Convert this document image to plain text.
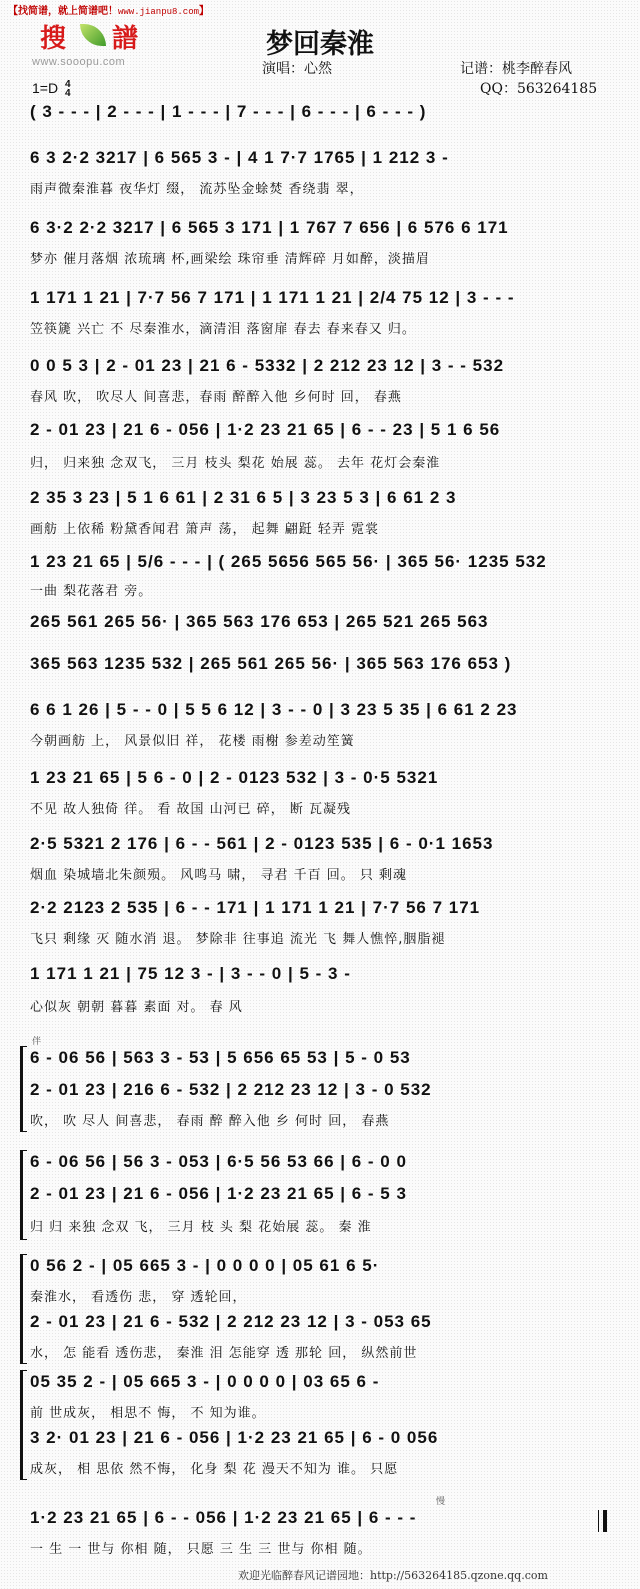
【找简谱，就上简谱吧！www.jianpu8.com】
搜 譜
www.sooopu.com
梦回秦淮
演唱：心然	记谱：桃李醉春风
QQ：563264185
1=D 4
4
( 3 - - - | 2 - - - | 1 - - - | 7 - - - | 6 - - - | 6 - - - )
6 3 2·2 3217 | 6 565 3 - | 4 1 7·7 1765 | 1 212 3 -
雨声微秦淮暮 夜华灯 缀， 流苏坠金蜍焚 香绕翡 翠，
6 3·2 2·2 3217 | 6 565 3 171 | 1 767 7 656 | 6 576 6 171
梦亦 催月落烟 浓琉璃 杯,画梁绘 珠帘垂 清辉碎 月如醉，淡描眉
1 171 1 21 | 7·7 56 7 171 | 1 171 1 21 | 2/4 75 12 | 3 - - -
笠筷篪 兴亡 不 尽秦淮水，滴清泪 落窗扉 春去 春来春又 归。
0 0 5 3 | 2 - 01 23 | 21 6 - 5332 | 2 212 23 12 | 3 - - 532
春风 吹， 吹尽人 间喜悲，春雨 醉醉入他 乡何时 回， 春燕
2 - 01 23 | 21 6 - 056 | 1·2 23 21 65 | 6 - - 23 | 5 1 6 56
归， 归来独 念双飞， 三月 枝头 梨花 始展 蕊。 去年 花灯会秦淮
2 35 3 23 | 5 1 6 61 | 2 31 6 5 | 3 23 5 3 | 6 61 2 3
画舫 上依稀 粉黛香闻君 箫声 荡， 起舞 翩跹 轻弄 霓裳
1 23 21 65 | 5/6 - - - | ( 265 5656 565 56· | 365 56· 1235 532
一曲 梨花落君 旁。
265 561 265 56· | 365 563 176 653 | 265 521 265 563
365 563 1235 532 | 265 561 265 56· | 365 563 176 653 )
6 6 1 26 | 5 - - 0 | 5 5 6 12 | 3 - - 0 | 3 23 5 35 | 6 61 2 23
今朝画舫 上， 风景似旧 祥， 花楼 雨榭 参差动笙簧
1 23 21 65 | 5 6 - 0 | 2 - 0123 532 | 3 - 0·5 5321
不见 故人独倚 徉。 看 故国 山河已 碎， 断 瓦凝残
2·5 5321 2 176 | 6 - - 561 | 2 - 0123 535 | 6 - 0·1 1653
烟血 染城墙北朱颜殒。 风鸣马 啸， 寻君 千百 回。 只 剩魂
2·2 2123 2 535 | 6 - - 171 | 1 171 1 21 | 7·7 56 7 171
飞只 剩缘 灭 随水消 退。 梦除非 往事追 流光 飞 舞人憔悴,胭脂褪
1 171 1 21 | 75 12 3 - | 3 - - 0 | 5 - 3 -
心似灰 朝朝 暮暮 素面 对。 春 风
6 - 06 56 | 563 3 - 53 | 5 656 65 53 | 5 - 0 53
2 - 01 23 | 216 6 - 532 | 2 212 23 12 | 3 - 0 532
吹， 吹 尽人 间喜悲， 春雨 醉 醉入他 乡 何时 回， 春燕
6 - 06 56 | 56 3 - 053 | 6·5 56 53 66 | 6 - 0 0
2 - 01 23 | 21 6 - 056 | 1·2 23 21 65 | 6 - 5 3
归 归 来独 念双 飞， 三月 枝 头 梨 花始展 蕊。 秦 淮
0 56 2 - | 05 665 3 - | 0 0 0 0 | 05 61 6 5·
秦淮水， 看透伤 悲， 穿 透轮回，
2 - 01 23 | 21 6 - 532 | 2 212 23 12 | 3 - 053 65
水， 怎 能看 透伤悲， 秦淮 泪 怎能穿 透 那轮 回， 纵然前世
05 35 2 - | 05 665 3 - | 0 0 0 0 | 03 65 6 -
前 世成灰， 相思不 悔， 不 知为谁。
3 2· 01 23 | 21 6 - 056 | 1·2 23 21 65 | 6 - 0 056
成灰， 相 思依 然不悔， 化身 梨 花 漫天不知为 谁。 只愿
1·2 23 21 65 | 6 - - 056 | 1·2 23 21 65 | 6 - - -
一 生 一 世与 你相 随， 只愿 三 生 三 世与 你相 随。
伴
慢
欢迎光临醉春风记谱园地：http://563264185.qzone.qq.com
